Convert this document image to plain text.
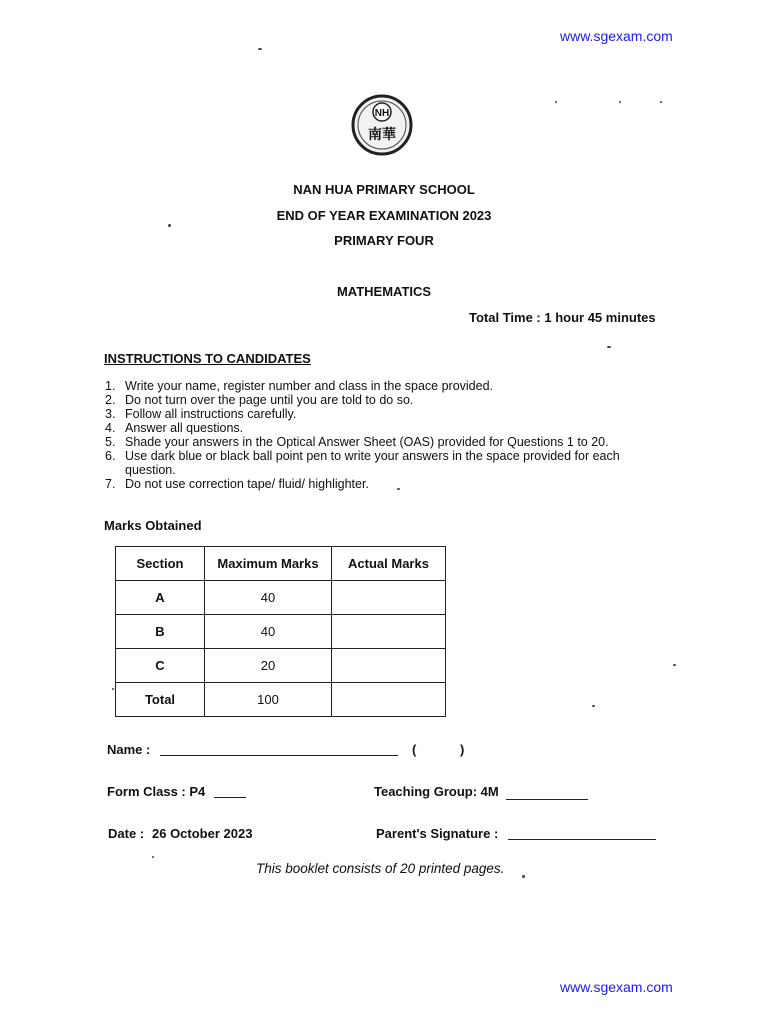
www.sgexam.com
NH
南華
NAN HUA PRIMARY SCHOOL
END OF YEAR EXAMINATION 2023
PRIMARY FOUR
MATHEMATICS
Total Time : 1 hour 45 minutes
INSTRUCTIONS TO CANDIDATES
1. Write your name, register number and class in the space provided.
2. Do not turn over the page until you are told to do so.
3. Follow all instructions carefully.
4. Answer all questions.
5. Shade your answers in the Optical Answer Sheet (OAS) provided for Questions 1 to 20.
6. Use dark blue or black ball point pen to write your answers in the space provided for each question.
7. Do not use correction tape/ fluid/ highlighter.
Marks Obtained
Section	Maximum Marks	Actual Marks
A	40	
B	40	
C	20	
Total	100	
Name :	(	)
Form Class : P4	Teaching Group: 4M
Date : 26 October 2023	Parent's Signature :
This booklet consists of 20 printed pages.
www.sgexam.com
